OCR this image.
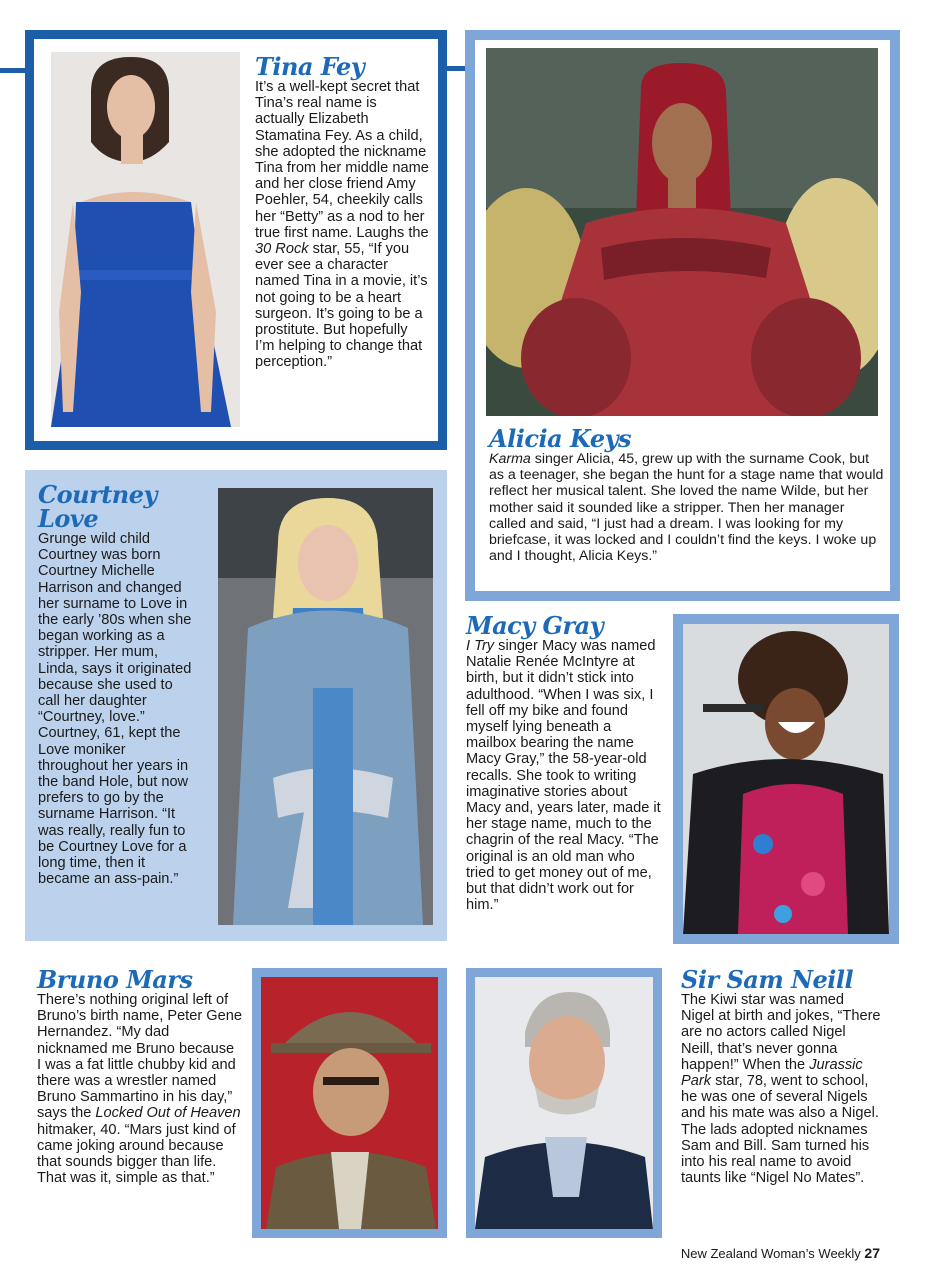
Tina Fey

It’s a well-kept secret that Tina’s real name is actually Elizabeth Stamatina Fey. As a child, she adopted the nickname Tina from her middle name and her close friend Amy Poehler, 54, cheekily calls her “Betty” as a nod to her true first name. Laughs the 30 Rock star, 55, “If you ever see a character named Tina in a movie, it’s not going to be a heart surgeon. It’s going to be a prostitute. But hopefully I’m helping to change that perception.”

Alicia Keys

Karma singer Alicia, 45, grew up with the surname Cook, but as a teenager, she began the hunt for a stage name that would reflect her musical talent. She loved the name Wilde, but her mother said it sounded like a stripper. Then her manager called and said, “I just had a dream. I was looking for my briefcase, it was locked and I couldn’t find the keys. I woke up and I thought, Alicia Keys.”

Courtney
Love

Grunge wild child Courtney was born Courtney Michelle Harrison and changed her surname to Love in the early ’80s when she began working as a stripper. Her mum, Linda, says it originated because she used to call her daughter “Courtney, love.” Courtney, 61, kept the Love moniker throughout her years in the band Hole, but now prefers to go by the surname Harrison. “It was really, really fun to be Courtney Love for a long time, then it became an ass-pain.”

Macy Gray

I Try singer Macy was named Natalie Renée McIntyre at birth, but it didn’t stick into adulthood. “When I was six, I fell off my bike and found myself lying beneath a mailbox bearing the name Macy Gray,” the 58-year-old recalls. She took to writing imaginative stories about Macy and, years later, made it her stage name, much to the chagrin of the real Macy. “The original is an old man who tried to get money out of me, but that didn’t work out for him.”

Bruno Mars

There’s nothing original left of Bruno’s birth name, Peter Gene Hernandez. “My dad nicknamed me Bruno because I was a fat little chubby kid and there was a wrestler named Bruno Sammartino in his day,” says the Locked Out of Heaven hitmaker, 40. “Mars just kind of came joking around because that sounds bigger than life. That was it, simple as that.”

Sir Sam Neill

The Kiwi star was named Nigel at birth and jokes, “There are no actors called Nigel Neill, that’s never gonna happen!” When the Jurassic Park star, 78, went to school, he was one of several Nigels and his mate was also a Nigel. The lads adopted nicknames Sam and Bill. Sam turned his into his real name to avoid taunts like “Nigel No Mates”.

New Zealand Woman’s Weekly 27
